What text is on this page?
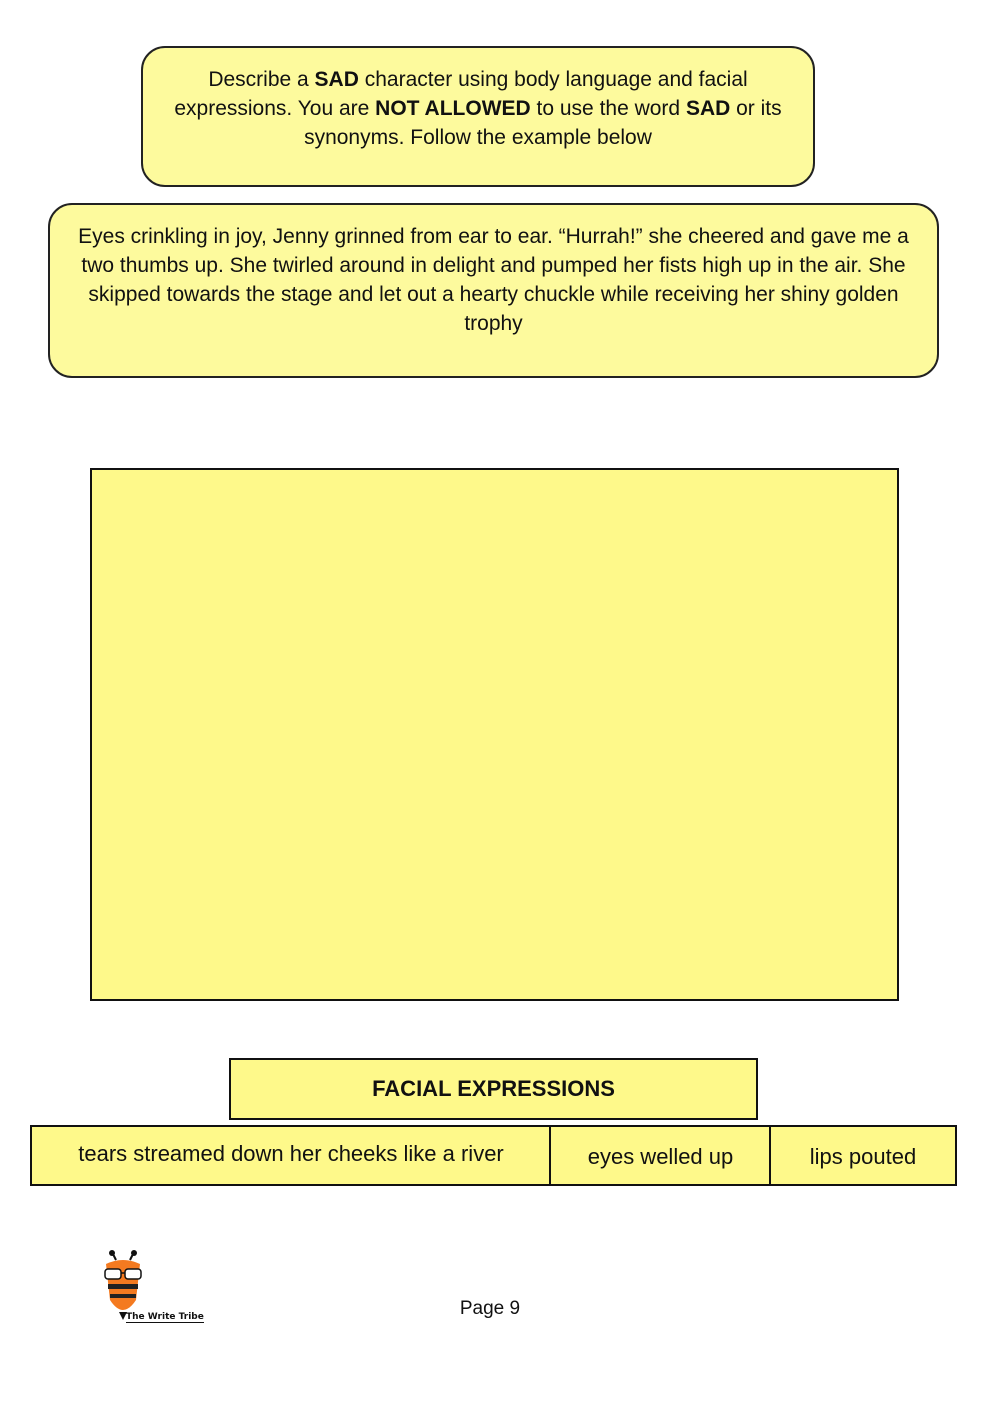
Describe a SAD character using body language and facial expressions. You are NOT ALLOWED to use the word SAD or its synonyms. Follow the example below
Eyes crinkling in joy, Jenny grinned from ear to ear. “Hurrah!” she cheered and gave me a two thumbs up. She twirled around in delight and pumped her fists high up in the air. She skipped towards the stage and let out a hearty chuckle while receiving her shiny golden trophy
FACIAL EXPRESSIONS
tears streamed down her cheeks like a river	eyes welled up	lips pouted
The Write Tribe	Page 9
